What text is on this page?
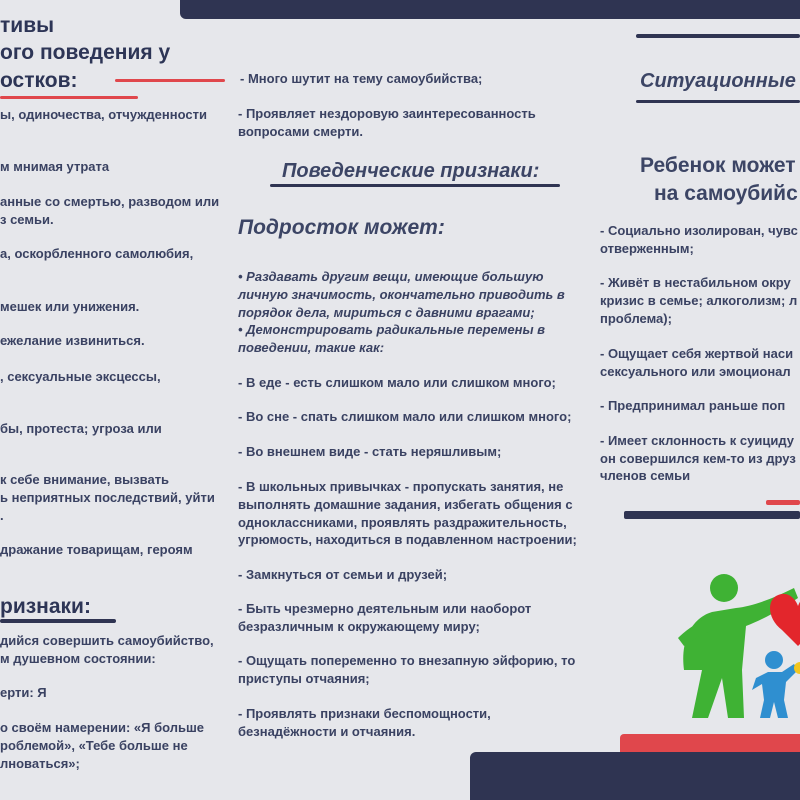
тивы
ого поведения у
остков:
ы, одиночества, отчужденности
м мнимая утрата
анные со смертью, разводом или
з семьи.
а, оскорбленного самолюбия,
мешек или унижения.
ежелание извиниться.
, сексуальные эксцессы,
бы, протеста; угроза или
к себе внимание, вызвать
ь неприятных последствий, уйти
.
дражание товарищам, героям
ризнаки:
дийся совершить самоубийство,
м душевном состоянии:
ерти: Я
о своём намерении: «Я больше
роблемой», «Тебе больше не
лноваться»;
- Много шутит на тему самоубийства;
- Проявляет нездоровую заинтересованность
вопросами смерти.
Поведенческие признаки:
Подросток может:
• Раздавать другим вещи, имеющие большую
личную значимость, окончательно приводить в
порядок дела, мириться с давними врагами;
• Демонстрировать радикальные перемены в
поведении, такие как:
- В еде - есть слишком мало или слишком много;
- Во сне - спать слишком мало или слишком много;
- Во внешнем виде - стать неряшливым;
- В школьных привычках - пропускать занятия, не
выполнять домашние задания, избегать общения с
одноклассниками, проявлять раздражительность,
угрюмость, находиться в подавленном настроении;
- Замкнуться от семьи и друзей;
- Быть чрезмерно деятельным или наоборот
безразличным к окружающему миру;
- Ощущать попеременно то внезапную эйфорию, то
приступы отчаяния;
- Проявлять признаки беспомощности,
безнадёжности и отчаяния.
Ситуационные
Ребенок может
на самоубийс
- Социально изолирован, чувс
отверженным;
- Живёт в нестабильном окру
кризис в семье; алкоголизм; л
проблема);
- Ощущает себя жертвой наси
сексуального или эмоционал
- Предпринимал раньше поп
- Имеет склонность к суициду
он совершился кем-то из друз
членов семьи
